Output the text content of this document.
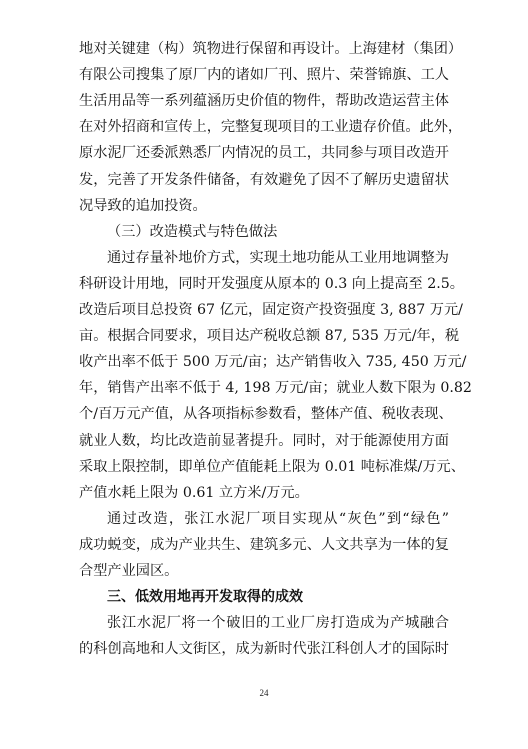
地对关键建（构）筑物进行保留和再设计。上海建材（集团）
有限公司搜集了原厂内的诸如厂刊、照片、荣誉锦旗、工人
生活用品等一系列蕴涵历史价值的物件，帮助改造运营主体
在对外招商和宣传上，完整复现项目的工业遗存价值。此外，
原水泥厂还委派熟悉厂内情况的员工，共同参与项目改造开
发，完善了开发条件储备，有效避免了因不了解历史遗留状
况导致的追加投资。
（三）改造模式与特色做法
通过存量补地价方式，实现土地功能从工业用地调整为
科研设计用地，同时开发强度从原本的 0.3 向上提高至 2.5。
改造后项目总投资 67 亿元，固定资产投资强度 3, 887 万元/
亩。根据合同要求，项目达产税收总额 87, 535 万元/年，税
收产出率不低于 500 万元/亩；达产销售收入 735, 450 万元/
年，销售产出率不低于 4, 198 万元/亩；就业人数下限为 0.82
个/百万元产值，从各项指标参数看，整体产值、税收表现、
就业人数，均比改造前显著提升。同时，对于能源使用方面
采取上限控制，即单位产值能耗上限为 0.01 吨标准煤/万元、
产值水耗上限为 0.61 立方米/万元。
通过改造，张江水泥厂项目实现从“灰色”到“绿色”
成功蜕变，成为产业共生、建筑多元、人文共享为一体的复
合型产业园区。
三、低效用地再开发取得的成效
张江水泥厂将一个破旧的工业厂房打造成为产城融合
的科创高地和人文街区，成为新时代张江科创人才的国际时
24
